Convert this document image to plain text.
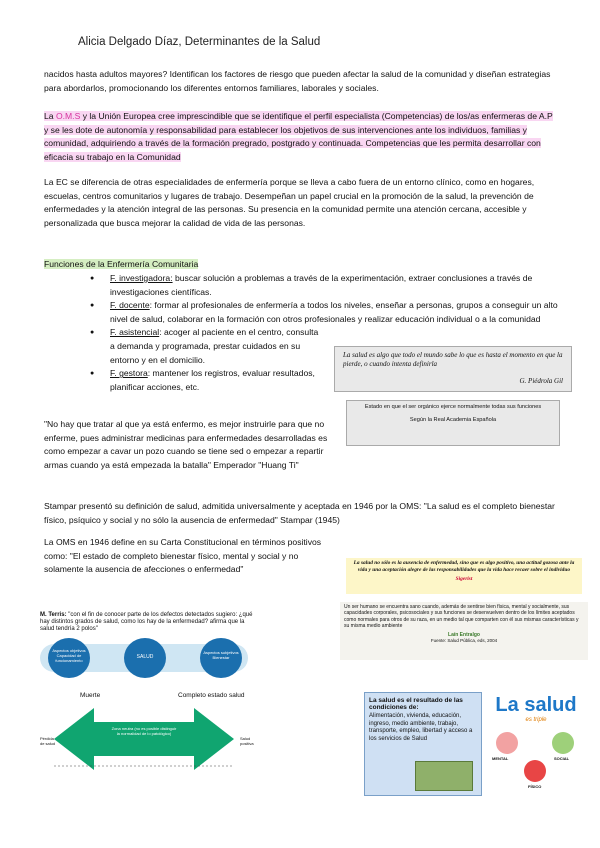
Alicia Delgado Díaz, Determinantes de la Salud
nacidos hasta adultos mayores? Identifican los factores de riesgo que pueden afectar la salud de la comunidad y diseñan estrategias para abordarlos, promocionando los diferentes entornos familiares, laborales y sociales.
La O.M.S y la Unión Europea cree imprescindible que se identifique el perfil especialista (Competencias) de los/as enfermeras de A.P y se les dote de autonomía y responsabilidad para establecer los objetivos de sus intervenciones ante los individuos, familias y comunidad, adquiriendo a través de la formación pregrado, postgrado y continuada. Competencias que les permita desarrollar con eficacia su trabajo en la Comunidad
La EC se diferencia de otras especialidades de enfermería porque se lleva a cabo fuera de un entorno clínico, como en hogares, escuelas, centros comunitarios y lugares de trabajo. Desempeñan un papel crucial en la promoción de la salud, la prevención de enfermedades y la atención integral de las personas. Su presencia en la comunidad permite una atención cercana, accesible y personalizada que busca mejorar la calidad de vida de las personas.
Funciones de la Enfermería Comunitaria
● F. investigadora: buscar solución a problemas a través de la experimentación, extraer conclusiones a través de investigaciones científicas.
● F. docente: formar al profesionales de enfermería a todos los niveles, enseñar a personas, grupos a conseguir un alto nivel de salud, colaborar en la formación con otros profesionales y realizar educación individual o a la comunidad
● F. asistencial: acoger al paciente en el centro, consulta a demanda y programada, prestar cuidados en su entorno y en el domicilio.
● F. gestora: mantener los registros, evaluar resultados, planificar acciones, etc.
La salud es algo que todo el mundo sabe lo que es hasta el momento en que la pierde, o cuando intenta definirla
G. Piédrola Gil
Estado en que el ser orgánico ejerce normalmente todas sus funciones
Según la Real Academia Española
"No hay que tratar al que ya está enfermo, es mejor instruirle para que no enferme, pues administrar medicinas para enfermedades desarrolladas es como empezar a cavar un pozo cuando se tiene sed o empezar a repartir armas cuando ya está empezada la batalla" Emperador "Huang Ti"
Stampar presentó su definición de salud, admitida universalmente y aceptada en 1946 por la OMS: "La salud es el completo bienestar físico, psíquico y social y no sólo la ausencia de enfermedad" Stampar (1945)
La OMS en 1946 define en su Carta Constitucional en términos positivos como: "El estado de completo bienestar físico, mental y social y no solamente la ausencia de afecciones o enfermedad"
La salud no sólo es la ausencia de enfermedad, sino que es algo positivo, una actitud gozosa ante la vida y una aceptación alegre de las responsabilidades que la vida hace recaer sobre el individuo
Sigerist
Un ser humano se encuentra sano cuando, además de sentirse bien física, mental y socialmente, sus capacidades corporales, psicosociales y sus funciones se desenvuelven dentro de los límites aceptados como normales para otros de su raza, en un medio tal que comparten con él sus mismas características y su misma medio ambiente
Laín Entralgo
Fuente: Salud Pública, eds, 2004
M. Terris: "con el fin de conocer parte de los defectos detectados sugiero: ¿qué hay distintos grados de salud, como los hay de la enfermedad? afirma que la salud tendría 2 polos"
Aspectos objetivos Capacidad de funcionamiento
SALUD
Aspectos subjetivos Bienestar
Muerte	Completo estado salud
Zona neutra (no es posible distinguir la normalidad de lo patológico)
Pérdida de salud
Salud positiva
La salud es el resultado de las condiciones de:
Alimentación, vivienda, educación, ingreso, medio ambiente, trabajo, transporte, empleo, libertad y acceso a los servicios de Salud
La salud
es triple
MENTAL	SOCIAL
FÍSICO
